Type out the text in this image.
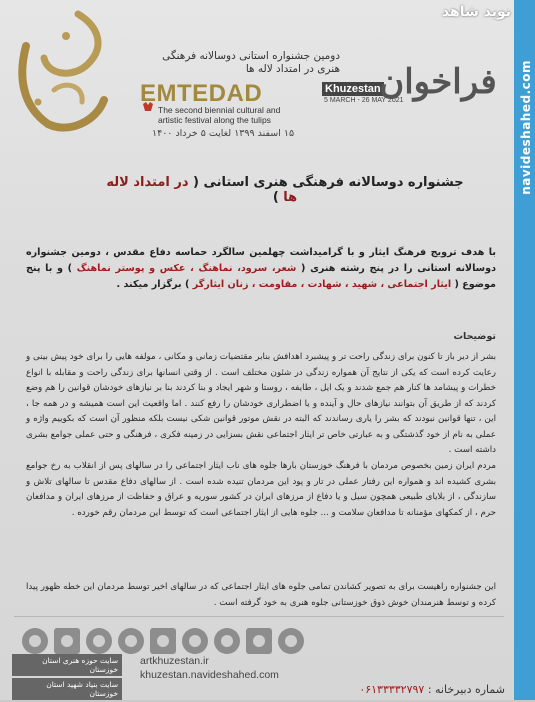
دومین جشنواره استانی دوسالانه فرهنگی هنری در امتداد لاله ها
EMTEDAD	Khuzestan
5 MARCH - 26 MAY 2021
The second biennial cultural and
artistic festival along the tulips
۱۵ اسفند ۱۳۹۹ لغایت ۵ خرداد ۱۴۰۰
فراخوان
جشنواره دوسالانه فرهنگی هنری استانی ( در امتداد لاله ها )
با هدف ترویج فرهنگ ایثار و با گرامیداشت چهلمین سالگرد حماسه دفاع مقدس ، دومین جشنواره دوسالانه استانی را در پنج رشته هنری ( شعر، سرود، نماهنگ ، عکس و پوستر نماهنگ ) و با پنج موضوع ( ایثار اجتماعی ، شهید ، شهادت ، مقاومت ، زنان ایثارگر ) برگزار میکند .
توضیحات
بشر از دیر باز تا کنون برای زندگی راحت تر و پیشبرد اهدافش بنابر مقتضیات زمانی و مکانی ، مولفه هایی را برای خود پیش بینی و رعایت کرده است که یکی از نتایج آن همواره زندگی در شئون مختلف است . از وقتی انسانها برای زندگی راحت و مقابله با انواع خطرات و پیشامد ها کنار هم جمع شدند و یک ایل ، طایفه ، روستا و شهر ایجاد و بنا کردند بنا بر نیازهای خودشان قوانین را هم وضع کردند که از طریق آن بتوانند نیازهای حال و آینده و یا اضطراری خودشان را رفع کنند . اما واقعیت این است همیشه و در همه جا ، این ، تنها قوانین نبودند که بشر را یاری رساندند که البته در نقش موتور قوانین شکی نیست بلکه منظور آن است که بکوییم واژه و عملی به نام از خود گذشتگی و به عبارتی خاص تر ایثار اجتماعی نقش بسزایی در زمینه فکری ، فرهنگی و حتی عملی جوامع بشری داشته است .
مردم ایران زمین بخصوص مردمان با فرهنگ خوزستان بارها جلوه های ناب ایثار اجتماعی را در سالهای پس از انقلاب به رخ جوامع بشری کشیده اند و همواره این رفتار عملی در تار و پود این مردمان تنیده شده است . از سالهای دفاع مقدس تا سالهای تلاش و سازندگی ، از بلایای طبیعی همچون سیل و یا دفاع از مرزهای ایران در کشور سوریه و عراق و حفاظت از مرزهای ایران و مدافعان حرم ، از کمکهای مؤمنانه تا مدافعان سلامت و ... جلوه هایی از ایثار اجتماعی است که توسط این مردمان رقم خورده .
این جشنواره راهیست برای به تصویر کشاندن تمامی جلوه های ایثار اجتماعی که در سالهای اخیر توسط مردمان این خطه ظهور پیدا کرده و توسط هنرمندان خوش ذوق خوزستانی جلوه هنری به خود گرفته است .
سایت حوزه هنری استان خوزستان
سایت بنیاد شهید استان خوزستان
artkhuzestan.ir
khuzestan.navideshahed.com
شماره دبیرخانه : ۰۶۱۳۳۳۳۲۷۹۷
navideshahed.com
نوید شاهد
